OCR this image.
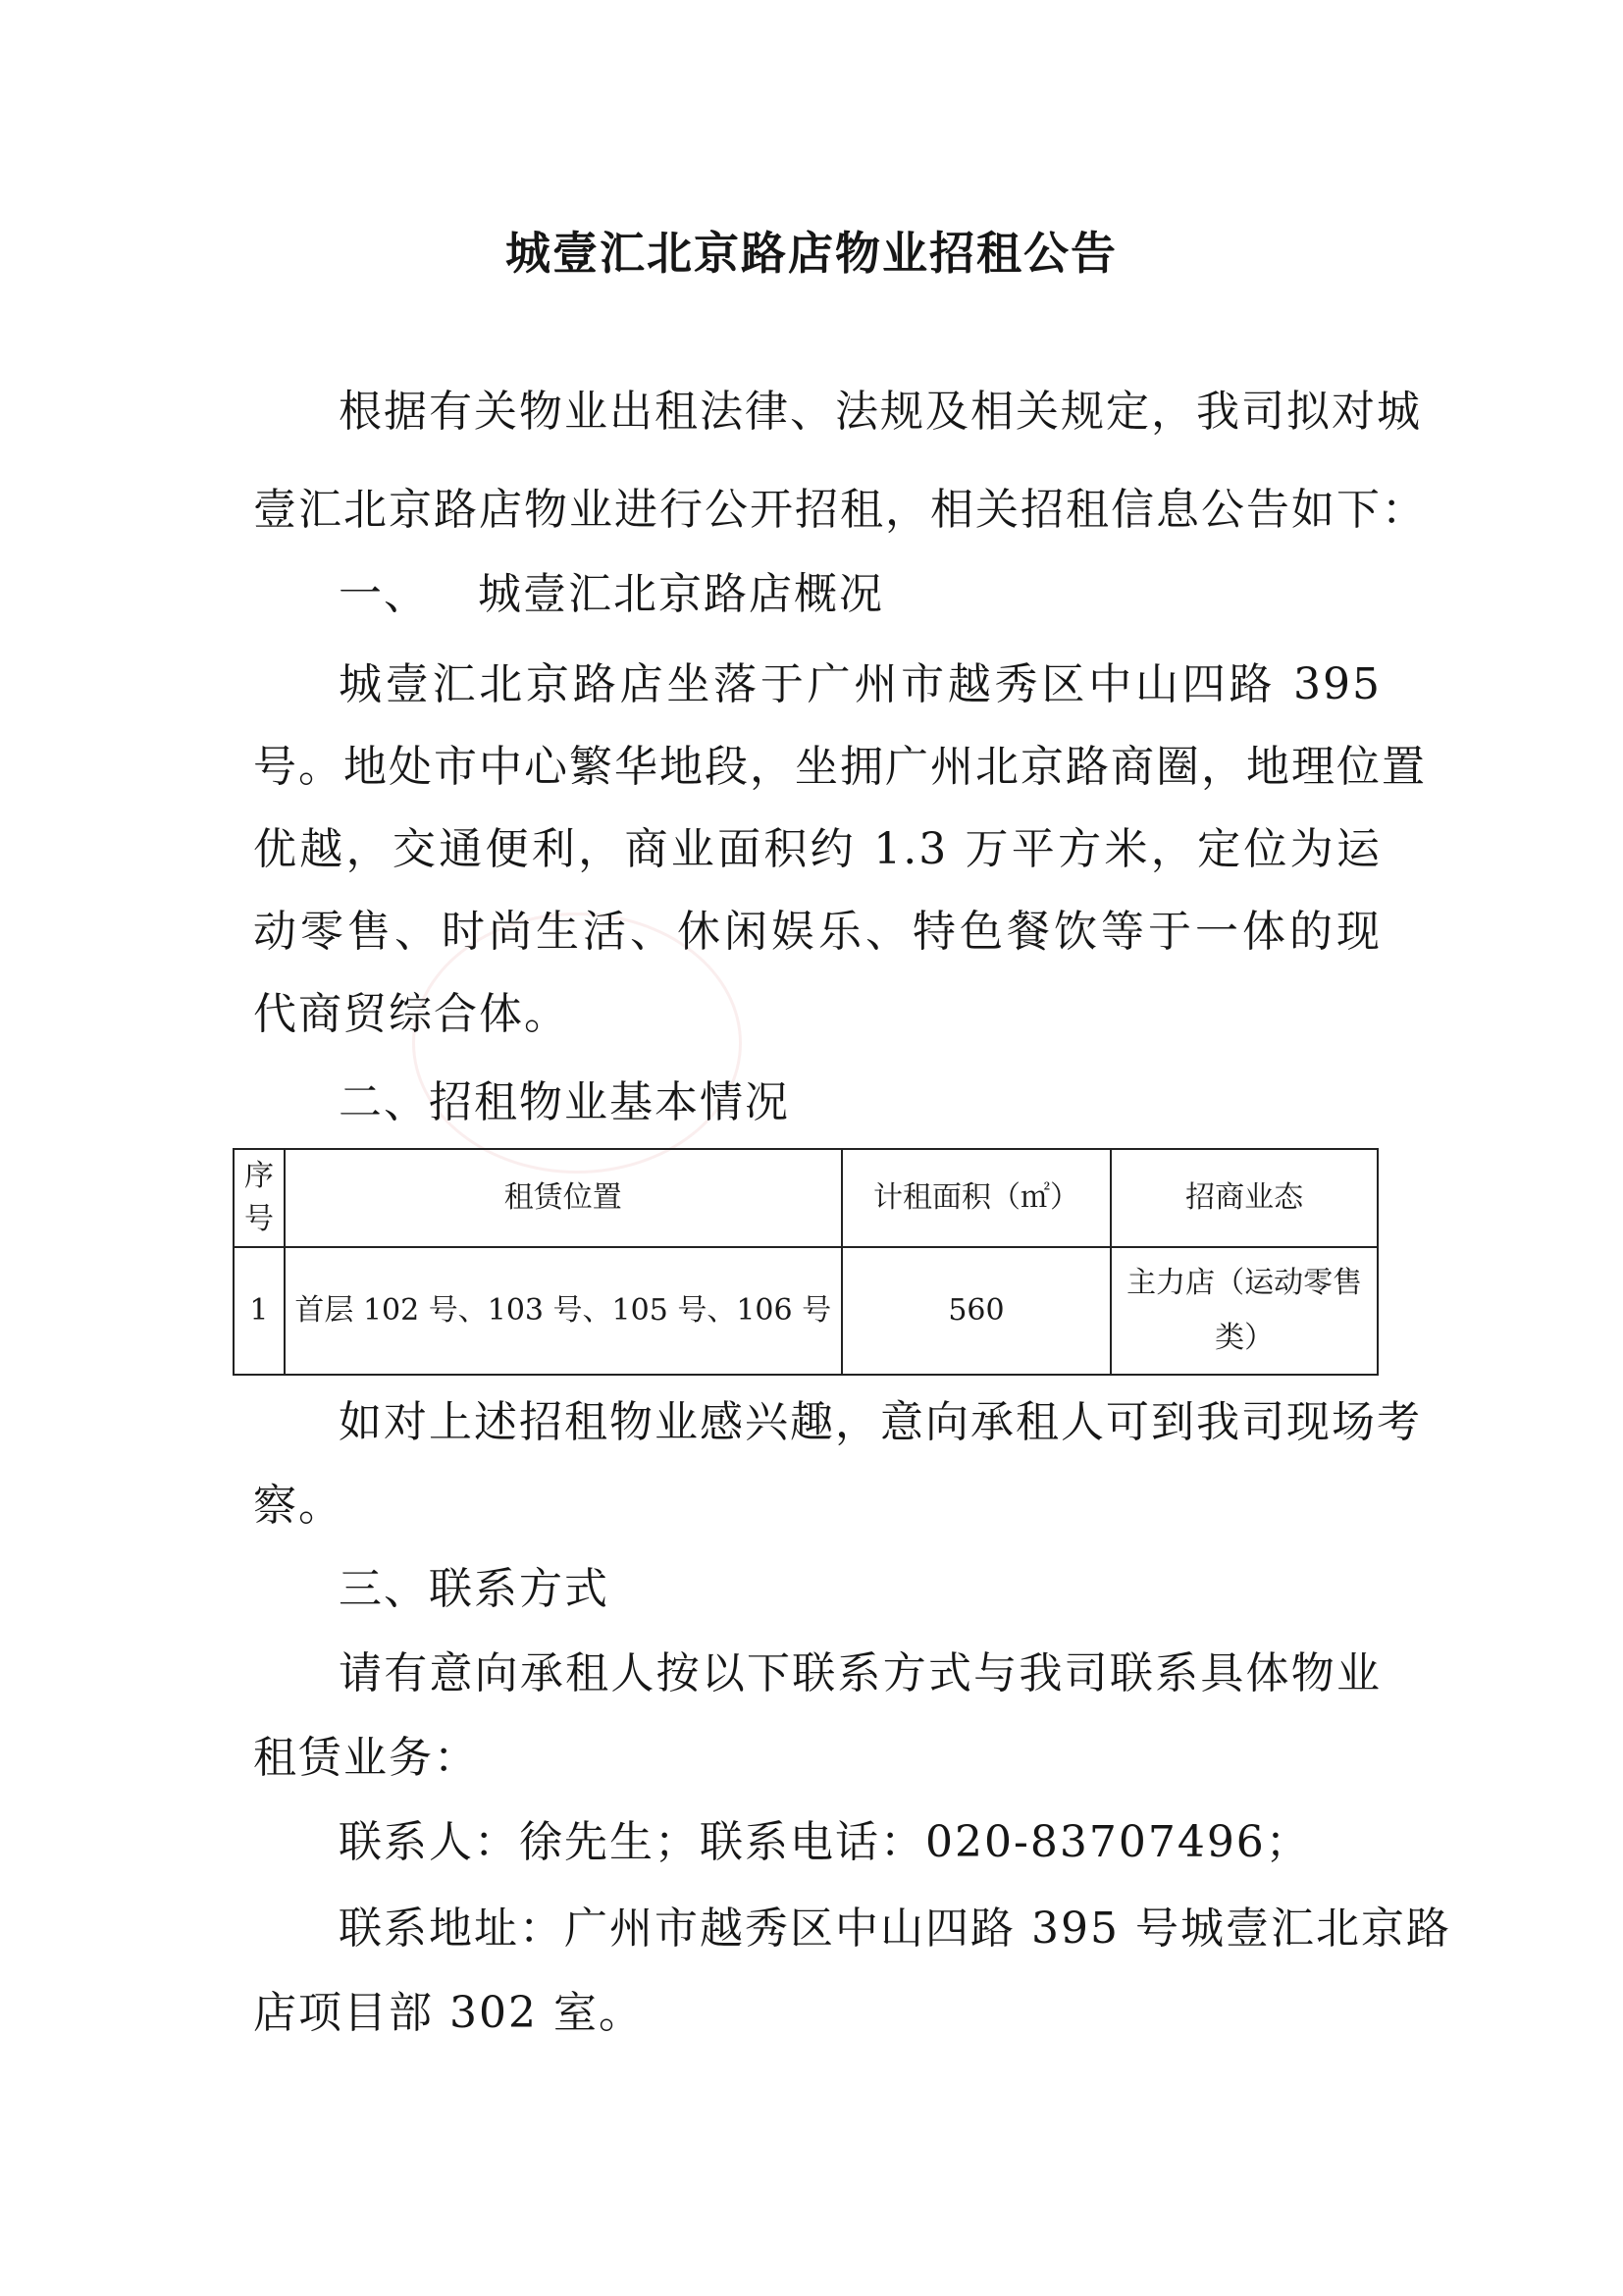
城壹汇北京路店物业招租公告
根据有关物业出租法律、法规及相关规定，我司拟对城
壹汇北京路店物业进行公开招租，相关招租信息公告如下：
一、 城壹汇北京路店概况
城壹汇北京路店坐落于广州市越秀区中山四路 395
号。地处市中心繁华地段，坐拥广州北京路商圈，地理位置
优越，交通便利，商业面积约 1.3 万平方米，定位为运
动零售、时尚生活、休闲娱乐、特色餐饮等于一体的现
代商贸综合体。
二、招租物业基本情况
序号	租赁位置	计租面积（㎡）	招商业态
1	首层 102 号、103 号、105 号、106 号	560	主力店（运动零售类）
如对上述招租物业感兴趣，意向承租人可到我司现场考
察。
三、联系方式
请有意向承租人按以下联系方式与我司联系具体物业
租赁业务：
联系人：徐先生；联系电话：020-83707496；
联系地址：广州市越秀区中山四路 395 号城壹汇北京路
店项目部 302 室。
